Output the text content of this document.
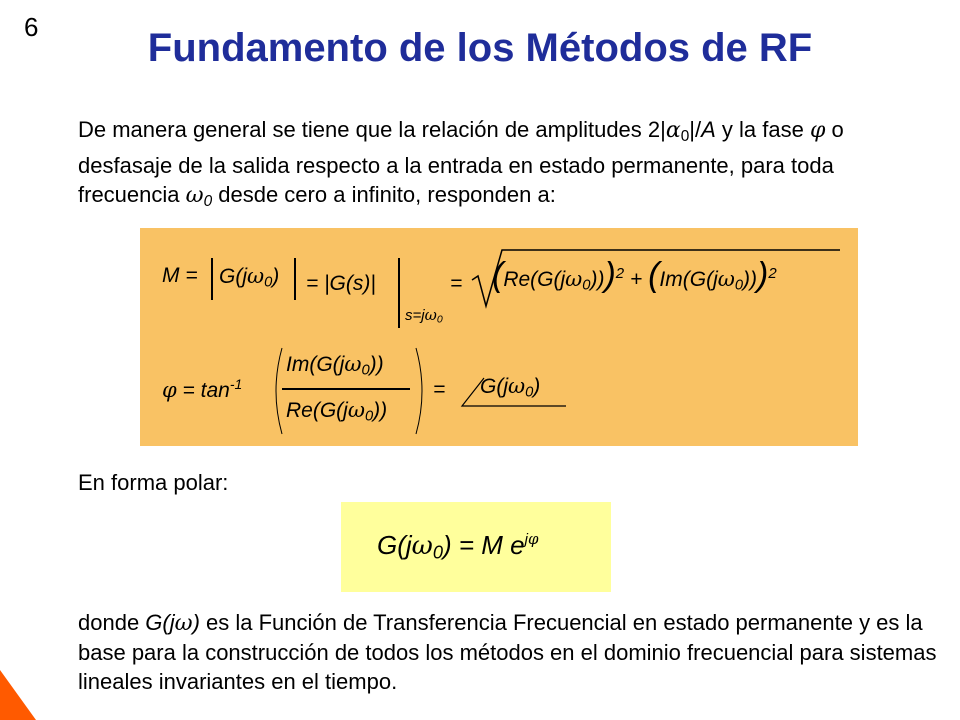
6	Fundamento de los Métodos de RF
De manera general se tiene que la relación de amplitudes $2|\alpha_0|/A$ y la fase φ o desfasaje de la salida respecto a la entrada en estado permanente, para toda frecuencia $\omega_0$ desde cero a infinito, responden a:
$M = G(j\omega_0) = |G(s)|$
$s=j\omega_0$
= $(Re(G(j\omega_0)))^2 + (Im(G(j\omega_0)))^2$
$\varphi = \tan^{-1}$
$Im(G(j\omega_0))$
$Re(G(j\omega_0))$
= $G(j\omega_0)$
En forma polar:
$G(j\omega_0) = M$ $e^{j\varphi}$
donde G(jω) es la Función de Transferencia Frecuencial en estado permanente y es la base para la construcción de todos los métodos en el dominio frecuencial para sistemas lineales invariantes en el tiempo.
